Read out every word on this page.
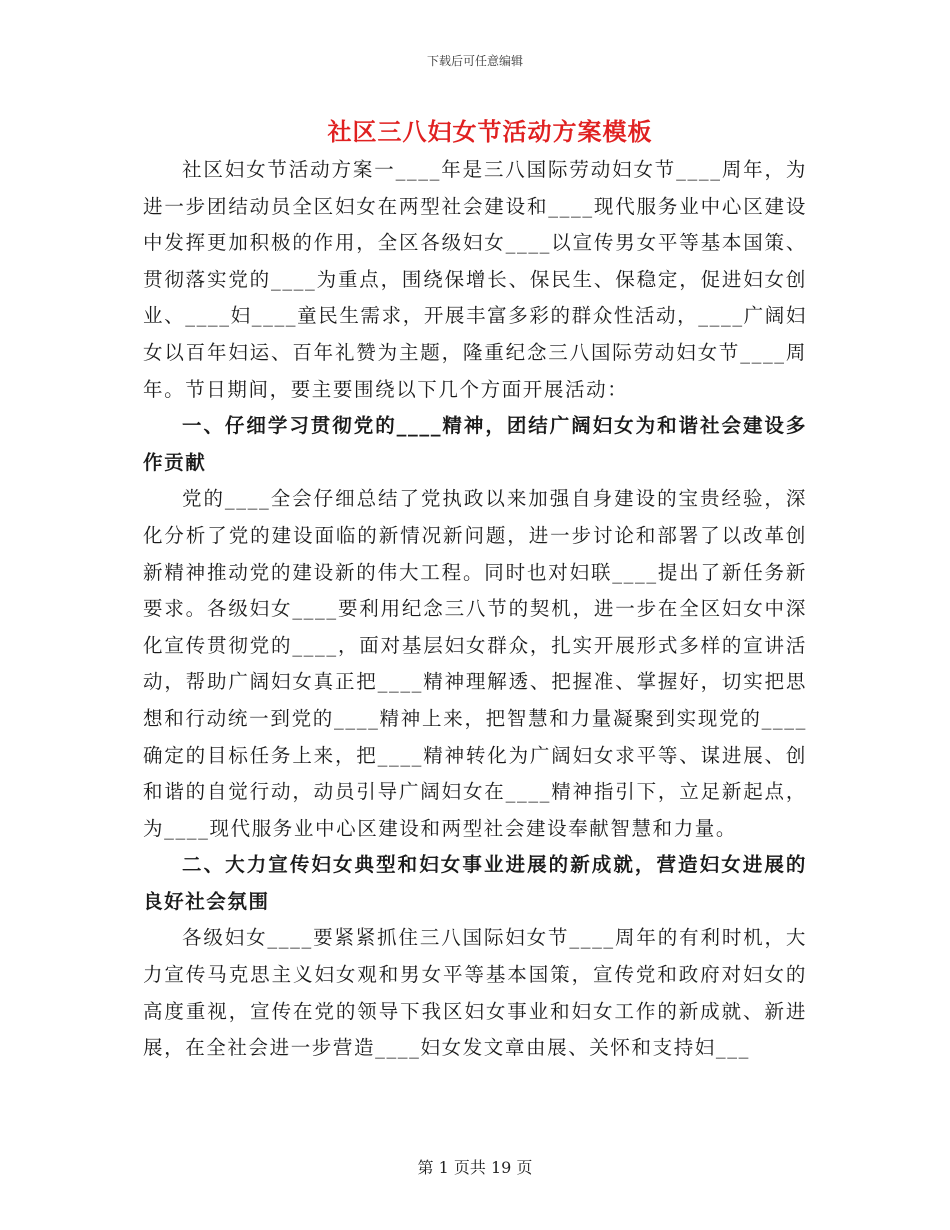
下载后可任意编辑
社区三八妇女节活动方案模板

社区妇女节活动方案一____年是三八国际劳动妇女节____周年，为进一步团结动员全区妇女在两型社会建设和____现代服务业中心区建设中发挥更加积极的作用，全区各级妇女____以宣传男女平等基本国策、贯彻落实党的____为重点，围绕保增长、保民生、保稳定，促进妇女创业、____妇____童民生需求，开展丰富多彩的群众性活动，____广阔妇女以百年妇运、百年礼赞为主题，隆重纪念三八国际劳动妇女节____周年。节日期间，要主要围绕以下几个方面开展活动：

一、仔细学习贯彻党的____精神，团结广阔妇女为和谐社会建设多作贡献

党的____全会仔细总结了党执政以来加强自身建设的宝贵经验，深化分析了党的建设面临的新情况新问题，进一步讨论和部署了以改革创新精神推动党的建设新的伟大工程。同时也对妇联____提出了新任务新要求。各级妇女____要利用纪念三八节的契机，进一步在全区妇女中深化宣传贯彻党的____，面对基层妇女群众，扎实开展形式多样的宣讲活动，帮助广阔妇女真正把____精神理解透、把握准、掌握好，切实把思想和行动统一到党的____精神上来，把智慧和力量凝聚到实现党的____确定的目标任务上来，把____精神转化为广阔妇女求平等、谋进展、创和谐的自觉行动，动员引导广阔妇女在____精神指引下，立足新起点，为____现代服务业中心区建设和两型社会建设奉献智慧和力量。

二、大力宣传妇女典型和妇女事业进展的新成就，营造妇女进展的良好社会氛围

各级妇女____要紧紧抓住三八国际妇女节____周年的有利时机，大力宣传马克思主义妇女观和男女平等基本国策，宣传党和政府对妇女的高度重视，宣传在党的领导下我区妇女事业和妇女工作的新成就、新进展，在全社会进一步营造____妇女发文章由展、关怀和支持妇___

第 1 页共 19 页
